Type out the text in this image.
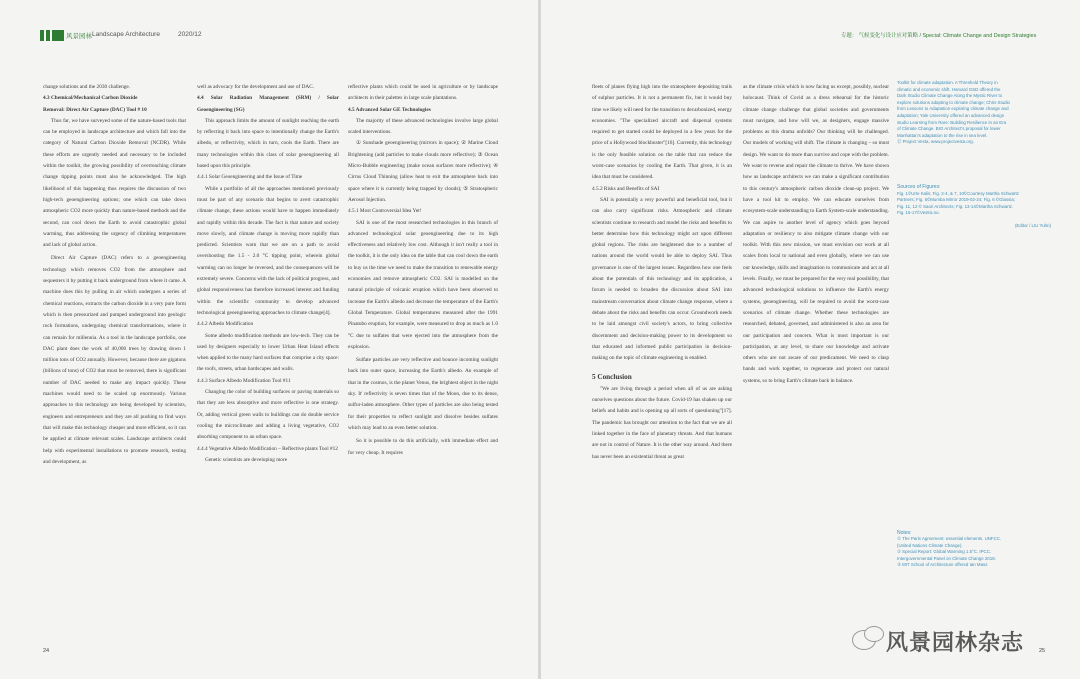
风景园林 Landscape Architecture	2020/12

change solutions and the 2030 challenge.

4.3 Chemical/Mechanical Carbon Dioxide

Removal: Direct Air Capture (DAC) Tool # 10

Thus far, we have surveyed some of the nature-based tools that can be employed in landscape architecture and which fall into the category of Natural Carbon Dioxide Removal (NCDR). While these efforts are urgently needed and necessary to be included within the toolkit, the growing possibility of overreaching climate change tipping points must also be acknowledged. The high likelihood of this happening thus requires the discussion of two high-tech geoengineering options; one which can take down atmospheric CO2 more quickly than nature-based methods and the second, can cool down the Earth to avoid catastrophic global warming, thus addressing the urgency of climbing temperatures and lack of global action.

Direct Air Capture (DAC) refers to a geoengineering technology which removes CO2 from the atmosphere and sequesters it by putting it back underground from where it came. A machine does this by pulling in air which undergoes a series of chemical reactions, extracts the carbon dioxide in a very pure form which is then pressurized and pumped underground into geologic rock formations, undergoing chemical transformations, where it can remain for millennia. As a tool in the landscape portfolio, one DAC plant does the work of 40,000 trees by drawing down 1 million tons of CO2 annually. However, because there are gigatons (billions of tons) of CO2 that must be removed, there is significant number of DAC needed to make any impact quickly. These machines would need to be scaled up enormously. Various approaches to this technology are being developed by scientists, engineers and entrepreneurs and they are all pushing to find ways that will make this technology cheaper and more efficient, so it can be applied at climate relevant scales. Landscape architects could help with experimental installations to promote research, testing and development, as

well as advocacy for the development and use of DAC.

4.4 Solar Radiation Management (SRM) / Solar Geoengineering (SG)

This approach limits the amount of sunlight reaching the earth by reflecting it back into space to intentionally change the Earth's albedo, or reflectivity, which in turn, cools the Earth. There are many technologies within this class of solar geoengineering all based upon this principle.

4.4.1 Solar Geoengineering and the Issue of Time

While a portfolio of all the approaches mentioned previously must be part of any scenario that begins to avert catastrophic climate change, these actions would have to happen immediately and rapidly within this decade. The fact is that nature and society move slowly, and climate change is moving more rapidly than predicted. Scientists warn that we are on a path to avoid overshooting the 1.5 - 2.0 °C tipping point, wherein global warming can no longer be reversed, and the consequences will be extremely severe. Concerns with the lack of political progress, and global responsiveness has therefore increased interest and funding within the scientific community to develop advanced technological geoengineering approaches to climate change[4].

4.4.2 Albedo Modification

Some albedo modification methods are low-tech. They can be used by designers especially to lower Urban Heat Island effects when applied to the many hard surfaces that comprise a city space: the roofs, streets, urban hardscapes and walls.

4.4.3 Surface Albedo Modification Tool #11

Changing the color of building surfaces or paving materials so that they are less absorptive and more reflective is one strategy. Or, adding vertical green walls to buildings can do double service cooling the microclimate and adding a living vegetative, CO2 absorbing component to an urban space.

4.4.4 Vegetative Albedo Modification – Reflective plants Tool #12

Genetic scientists are developing more

reflective plants which could be used in agriculture or by landscape architects in their palettes in large scale plantations.

4.5 Advanced Solar GE Technologies

The majority of these advanced technologies involve large global scaled interventions.

① Sunshade geoengineering (mirrors in space); ② Marine Cloud Brightening (add particles to make clouds more reflective); ③ Ocean Micro-Bubble engineering (make ocean surfaces more reflective); ④ Cirrus Cloud Thinning (allow heat to exit the atmosphere back into space where it is currently being trapped by clouds); ⑤ Stratospheric Aerosol Injection.

4.5.1 Most Controversial Idea Yet!

SAI is one of the most researched technologies in this branch of advanced technological solar geoengineering due to its high effectiveness and relatively low cost. Although it isn't really a tool in the toolkit, it is the only idea on the table that can cool down the earth to buy us the time we need to make the transition to renewable energy economies and remove atmospheric CO2. SAI is modelled on the natural principle of volcanic eruption which have been observed to increase the Earth's albedo and decrease the temperature of the Earth's Global Temperature. Global temperatures measured after the 1991 Pinatubo eruption, for example, were measured to drop as much as 1.0 °C due to sulfates that were ejected into the atmosphere from the explosion.

Sulfate particles are very reflective and bounce incoming sunlight back into outer space, increasing the Earth's albedo. An example of that in the cosmos, is the planet Venus, the brightest object in the night sky. It' reflectivity is seven times that of the Moon, due to its dense, sulfur-laden atmosphere. Other types of particles are also being tested for their properties to reflect sunlight and dissolve besides sulfates which may lead to an even better solution.

So it is possible to do this artificially, with immediate effect and for very cheap. It requires

24
专题： 气候变化与设计应对策略 / Special: Climate Change and Design Strategies

fleets of planes flying high into the stratosphere depositing trails of sulphur particles. It is not a permanent fix, but it would buy time we likely will need for the transition to decarbonized, energy economies. "The specialized aircraft and dispersal systems required to get started could be deployed in a few years for the price of a Hollywood blockbuster"[16]. Currently, this technology is the only feasible solution on the table that can reduce the worst-case scenarios by cooling the Earth. That given, it is an idea that must be considered.

4.5.2 Risks and Benefits of SAI

SAI is potentially a very powerful and beneficial tool, but it can also carry significant risks. Atmospheric and climate scientists continue to research and model the risks and benefits to better determine how this technology might act upon different global regions. The risks are heightened due to a number of nations around the world would be able to deploy SAI. Thus governance is one of the largest issues. Regardless how one feels about the potentials of this technology and its application, a forum is needed to broaden the discussion about SAI into mainstream conversation about climate change response, where a debate about the risks and benefits can occur. Groundwork needs to be laid amongst civil society's actors, to bring collective discernment and decision-making power to its development so that educated and informed public participation in decision-making on the topic of climate engineering is enabled.

5 Conclusion

"We are living through a period when all of us are asking ourselves questions about the future. Covid-19 has shaken up our beliefs and habits and is opening up all sorts of questioning"[17]. The pandemic has brought our attention to the fact that we are all linked together in the face of planetary threats. And that humans are not in control of Nature. It is the other way around. And there has never been an existential threat as great

as the climate crisis which is now facing us except, possibly, nuclear holocaust. Think of Covid as a dress rehearsal for the historic climate change challenge that global societies and governments must navigate, and how will we, as designers, engage massive problems as this drama unfolds? Our thinking will be challenged. Our models of working will shift. The climate is changing – so must design. We want to do more than survive and cope with the problem. We want to reverse and repair the climate to thrive. We have shown how as landscape architects we can make a significant contribution to this century's atmospheric carbon dioxide clean-up project. We have a tool kit to employ. We can educate ourselves from ecosystem-scale understanding to Earth System-scale understanding. We can aspire to another level of agency which goes beyond adaptation or resiliency to also mitigate climate change with our toolkit. With this new mission, we must envision our work at all scales from local to national and even globally, where we can use our knowledge, skills and imagination to communicate and act at all levels. Finally, we must be prepared for the very real possibility, that advanced technological solutions to influence the Earth's energy systems, geoengineering, will be required to avoid the worst-case scenarios of climate change. Whether these technologies are researched, debated, governed, and administered is also an area for our participation and concern. What is most important is our participation, at any level, to share our knowledge and activate others who are not aware of our predicament. We need to clasp hands and work together, to regenerate and protect our natural systems, so to bring Earth's climate back in balance.

Toolkit for climate adaptation. A Threshold Theory in

climatic and economic shift. Harvard GSD offered the

Dark Studio Climate Change Along the Mystic River to

explore solutions adapting to climate change; Chris Studio

from Lessons to Adaptation exploring climate change and

adaptation; Yale University offered an advanced design

studio Learning from Rare: Building Resilience in an Era

of Climate Change. BIG Architect's proposal for lower

Manhattan's adaptation to the rise in sea level.

⑫ Project Vesta, www.projectvesta.org.

Sources of Figures:

Fig. 1©Urte Kalis; Fig. 2-4, & 7, 10©Courtesy Martha Schwartz

Partners; Fig. 5©Mumba Mirror 2019-02-24; Fig. 6 ©Glassia;

Fig. 11, 12 © Saori Architects; Fig. 13-14©Martha Schwartz.

Fig. 15-17©Vestra.nu.

(Editor / LIU Yuhn)

Notes:

① The Paris Agreement: essential elements. UNFCC.

(United Nations Climate Change).

② Special Report: Global Warming 1.5°C. IPCC.

Intergovernmental Panel on Climate Change 2018.

③ MIT School of Architecture offered Ian Mass

25
风景园林杂志
